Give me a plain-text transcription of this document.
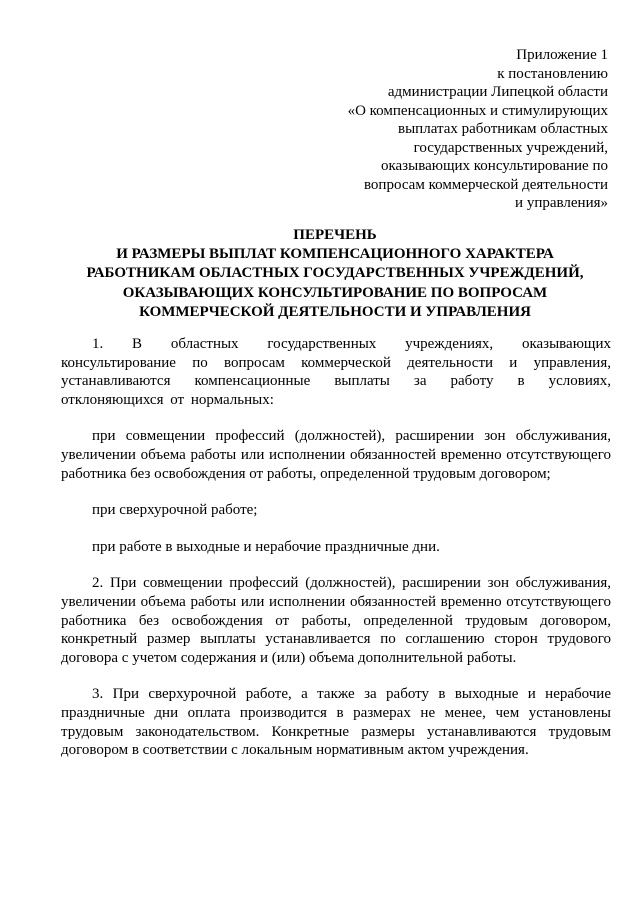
Приложение 1
к постановлению
администрации Липецкой области
«О компенсационных и стимулирующих
выплатах работникам областных
государственных учреждений,
оказывающих консультирование по
вопросам коммерческой деятельности
и управления»
ПЕРЕЧЕНЬ
И РАЗМЕРЫ ВЫПЛАТ КОМПЕНСАЦИОННОГО ХАРАКТЕРА
РАБОТНИКАМ ОБЛАСТНЫХ ГОСУДАРСТВЕННЫХ УЧРЕЖДЕНИЙ,
ОКАЗЫВАЮЩИХ КОНСУЛЬТИРОВАНИЕ ПО ВОПРОСАМ
КОММЕРЧЕСКОЙ ДЕЯТЕЛЬНОСТИ И УПРАВЛЕНИЯ

1. В областных государственных учреждениях, оказывающих консультирование по вопросам коммерческой деятельности и управления, устанавливаются компенсационные выплаты за работу в условиях, отклоняющихся от нормальных:

при совмещении профессий (должностей), расширении зон обслуживания, увеличении объема работы или исполнении обязанностей временно отсутствующего работника без освобождения от работы, определенной трудовым договором;

при сверхурочной работе;

при работе в выходные и нерабочие праздничные дни.

2. При совмещении профессий (должностей), расширении зон обслуживания, увеличении объема работы или исполнении обязанностей временно отсутствующего работника без освобождения от работы, определенной трудовым договором, конкретный размер выплаты устанавливается по соглашению сторон трудового договора с учетом содержания и (или) объема дополнительной работы.

3. При сверхурочной работе, а также за работу в выходные и нерабочие праздничные дни оплата производится в размерах не менее, чем установлены трудовым законодательством. Конкретные размеры устанавливаются трудовым договором в соответствии с локальным нормативным актом учреждения.
